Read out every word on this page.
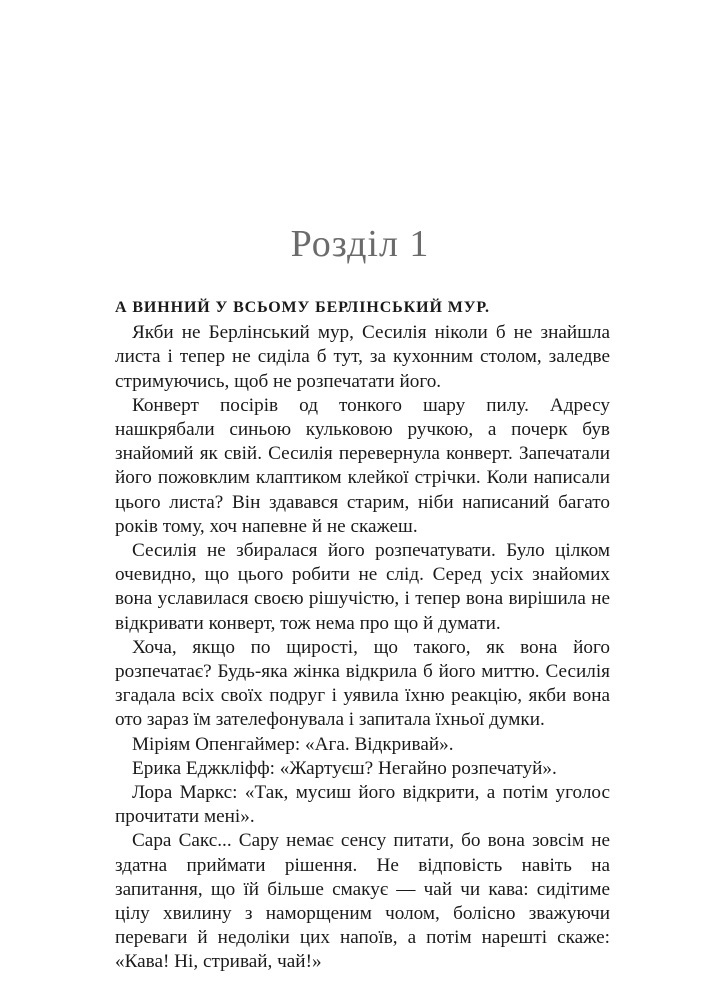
Розділ 1

А ВИННИЙ У ВСЬОМУ БЕРЛІНСЬКИЙ МУР.

Якби не Берлінський мур, Сесилія ніколи б не знайшла листа і тепер не сиділа б тут, за кухонним столом, заледве стримуючись, щоб не розпечатати його.

Конверт посірів од тонкого шару пилу. Адресу нашкрябали синьою кульковою ручкою, а почерк був знайомий як свій. Сесилія перевернула конверт. Запечатали його пожовклим клаптиком клейкої стрічки. Коли написали цього листа? Він здавався старим, ніби написаний багато років тому, хоч напевне й не скажеш.

Сесилія не збиралася його розпечатувати. Було цілком очевидно, що цього робити не слід. Серед усіх знайомих вона уславилася своєю рішучістю, і тепер вона вирішила не відкривати конверт, тож нема про що й думати.

Хоча, якщо по щирості, що такого, як вона його розпечатає? Будь-яка жінка відкрила б його миттю. Сесилія згадала всіх своїх подруг і уявила їхню реакцію, якби вона ото зараз їм зателефонувала і запитала їхньої думки.

Міріям Опенгаймер: «Ага. Відкривай».

Ерика Еджкліфф: «Жартуєш? Негайно розпечатуй».

Лора Маркс: «Так, мусиш його відкрити, а потім уголос прочитати мені».

Сара Сакс... Сару немає сенсу питати, бо вона зовсім не здатна приймати рішення. Не відповість навіть на запитання, що їй більше смакує — чай чи кава: сидітиме цілу хвилину з наморщеним чолом, болісно зважуючи переваги й недоліки цих напоїв, а потім нарешті скаже: «Кава! Ні, стривай, чай!»
